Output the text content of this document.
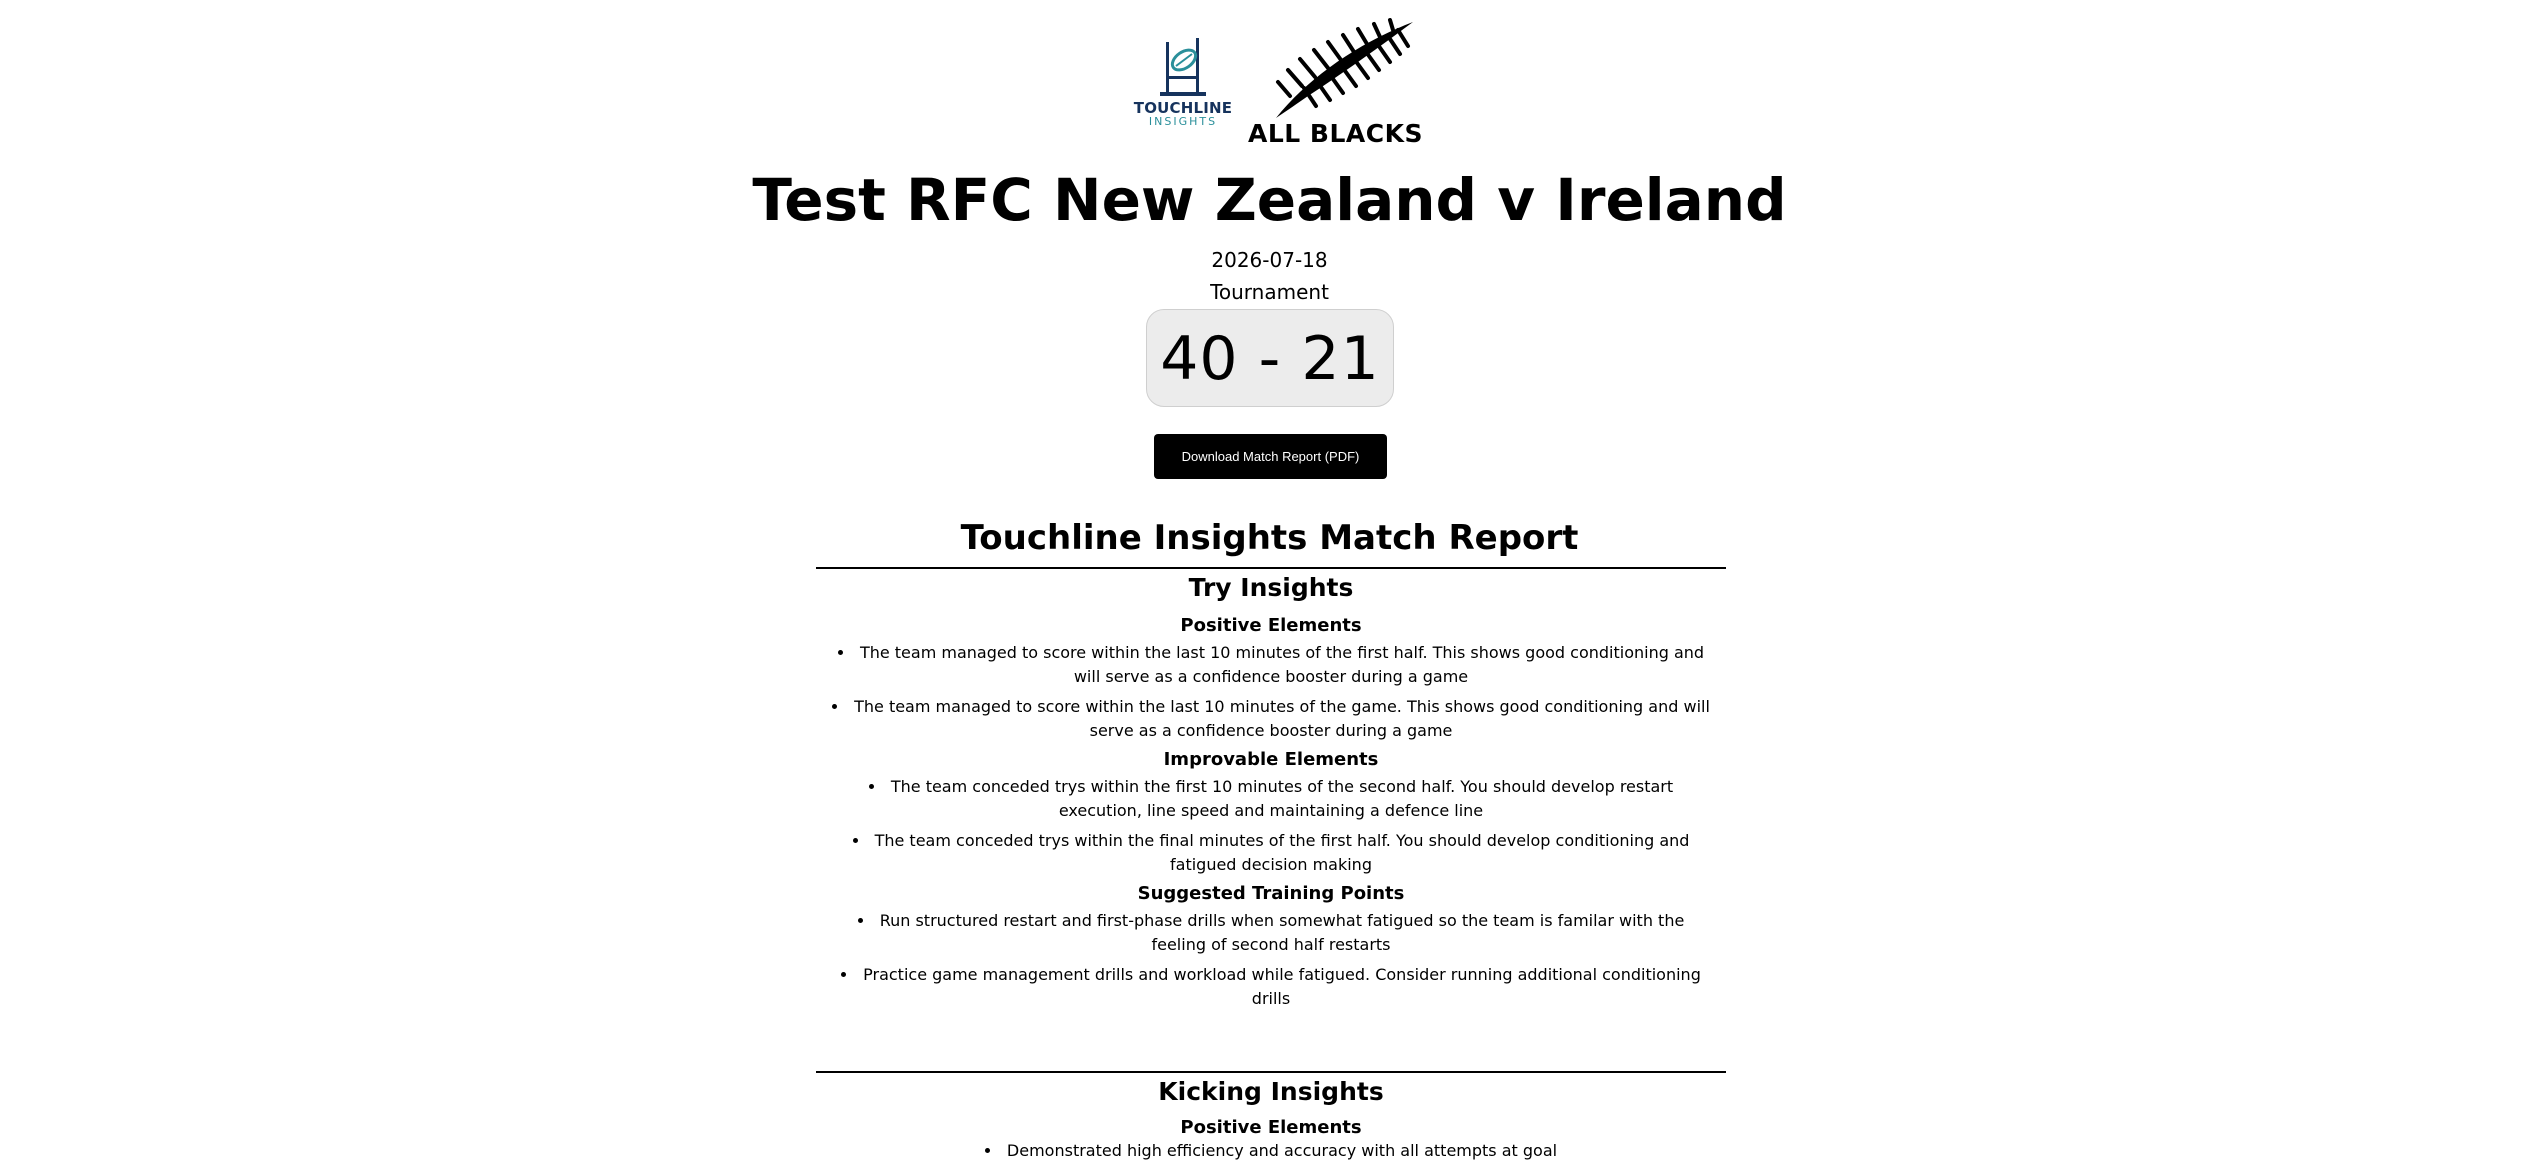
TOUCHLINE
INSIGHTS	ALL BLACKS
Test RFC New Zealand v Ireland
2026-07-18
Tournament
40 - 21
Download Match Report (PDF)
Touchline Insights Match Report
Try Insights
Positive Elements
• The team managed to score within the last 10 minutes of the first half. This shows good conditioning and will serve as a confidence booster during a game
• The team managed to score within the last 10 minutes of the game. This shows good conditioning and will serve as a confidence booster during a game
Improvable Elements
• The team conceded trys within the first 10 minutes of the second half. You should develop restart execution, line speed and maintaining a defence line
• The team conceded trys within the final minutes of the first half. You should develop conditioning and fatigued decision making
Suggested Training Points
• Run structured restart and first-phase drills when somewhat fatigued so the team is familar with the feeling of second half restarts
• Practice game management drills and workload while fatigued. Consider running additional conditioning drills
Kicking Insights
Positive Elements
• Demonstrated high efficiency and accuracy with all attempts at goal
